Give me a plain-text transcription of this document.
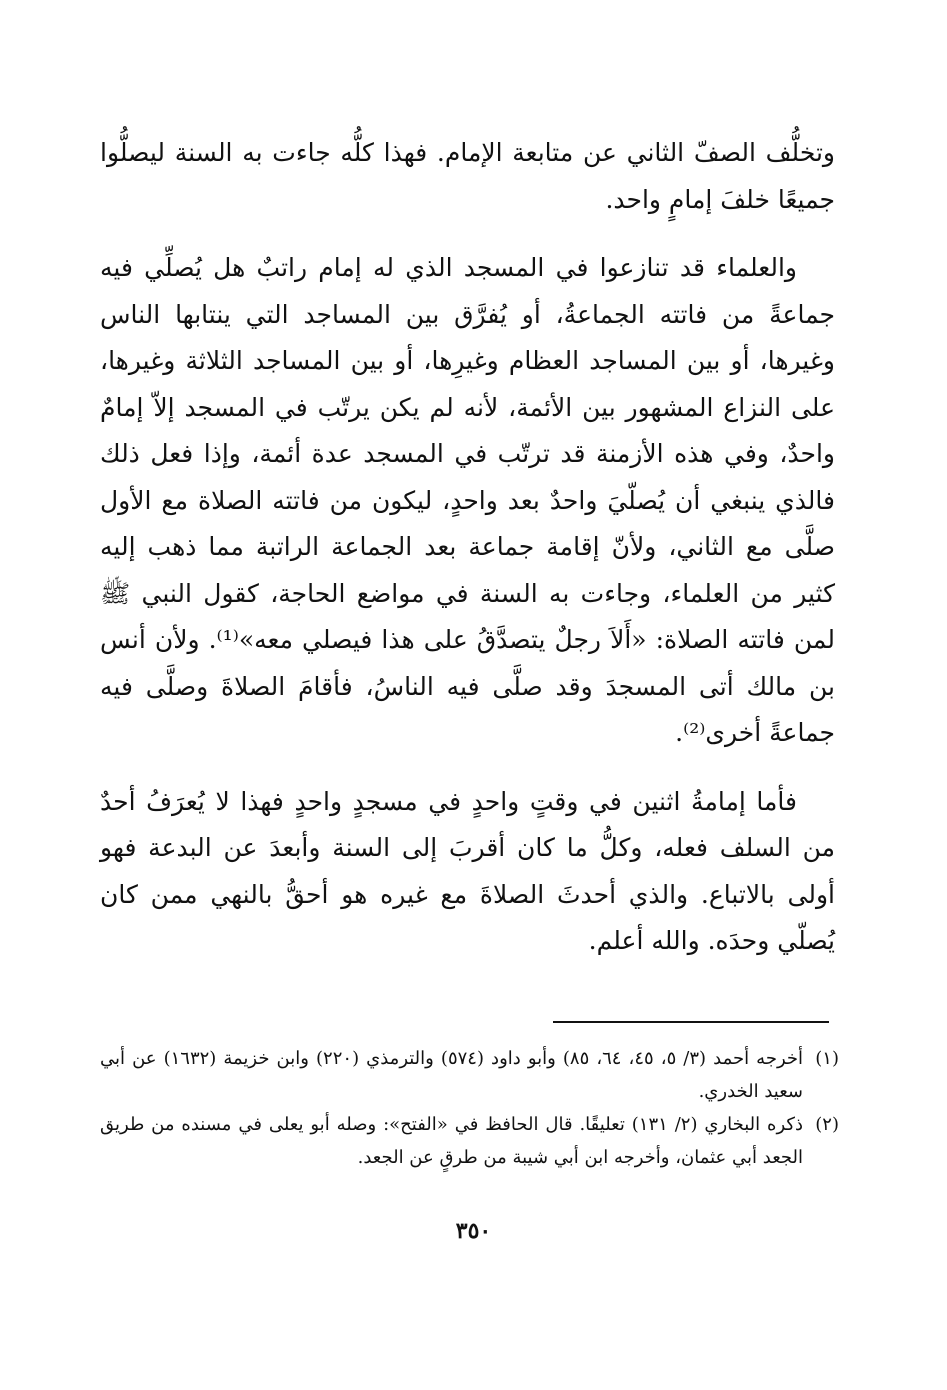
وتخلُّف الصفّ الثاني عن متابعة الإمام. فهذا كلُّه جاءت به السنة ليصلُّوا جميعًا خلفَ إمامٍ واحد.

والعلماء قد تنازعوا في المسجد الذي له إمام راتبٌ هل يُصلِّي فيه جماعةً من فاتته الجماعةُ، أو يُفرَّق بين المساجد التي ينتابها الناس وغيرها، أو بين المساجد العظام وغيرِها، أو بين المساجد الثلاثة وغيرها، على النزاع المشهور بين الأئمة، لأنه لم يكن يرتّب في المسجد إلاّ إمامٌ واحدٌ، وفي هذه الأزمنة قد ترتّب في المسجد عدة أئمة، وإذا فعل ذلك فالذي ينبغي أن يُصلّيَ واحدٌ بعد واحدٍ، ليكون من فاتته الصلاة مع الأول صلَّى مع الثاني، ولأنّ إقامة جماعة بعد الجماعة الراتبة مما ذهب إليه كثير من العلماء، وجاءت به السنة في مواضع الحاجة، كقول النبي ﷺ لمن فاتته الصلاة: «أَلاَ رجلٌ يتصدَّقُ على هذا فيصلي معه»⁽¹⁾. ولأن أنس بن مالك أتى المسجدَ وقد صلَّى فيه الناسُ، فأقامَ الصلاةَ وصلَّى فيه جماعةً أخرى⁽²⁾.

فأما إمامةُ اثنين في وقتٍ واحدٍ في مسجدٍ واحدٍ فهذا لا يُعرَفُ أحدٌ من السلف فعله، وكلُّ ما كان أقربَ إلى السنة وأبعدَ عن البدعة فهو أولى بالاتباع. والذي أحدثَ الصلاةَ مع غيره هو أحقُّ بالنهي ممن كان يُصلّي وحدَه. والله أعلم.

(١)
أخرجه أحمد (٣/ ٥، ٤٥، ٦٤، ٨٥) وأبو داود (٥٧٤) والترمذي (٢٢٠) وابن خزيمة (١٦٣٢) عن أبي سعيد الخدري.
(٢)
ذكره البخاري (٢/ ١٣١) تعليقًا. قال الحافظ في «الفتح»: وصله أبو يعلى في مسنده من طريق الجعد أبي عثمان، وأخرجه ابن أبي شيبة من طرقٍ عن الجعد.
٣٥٠
